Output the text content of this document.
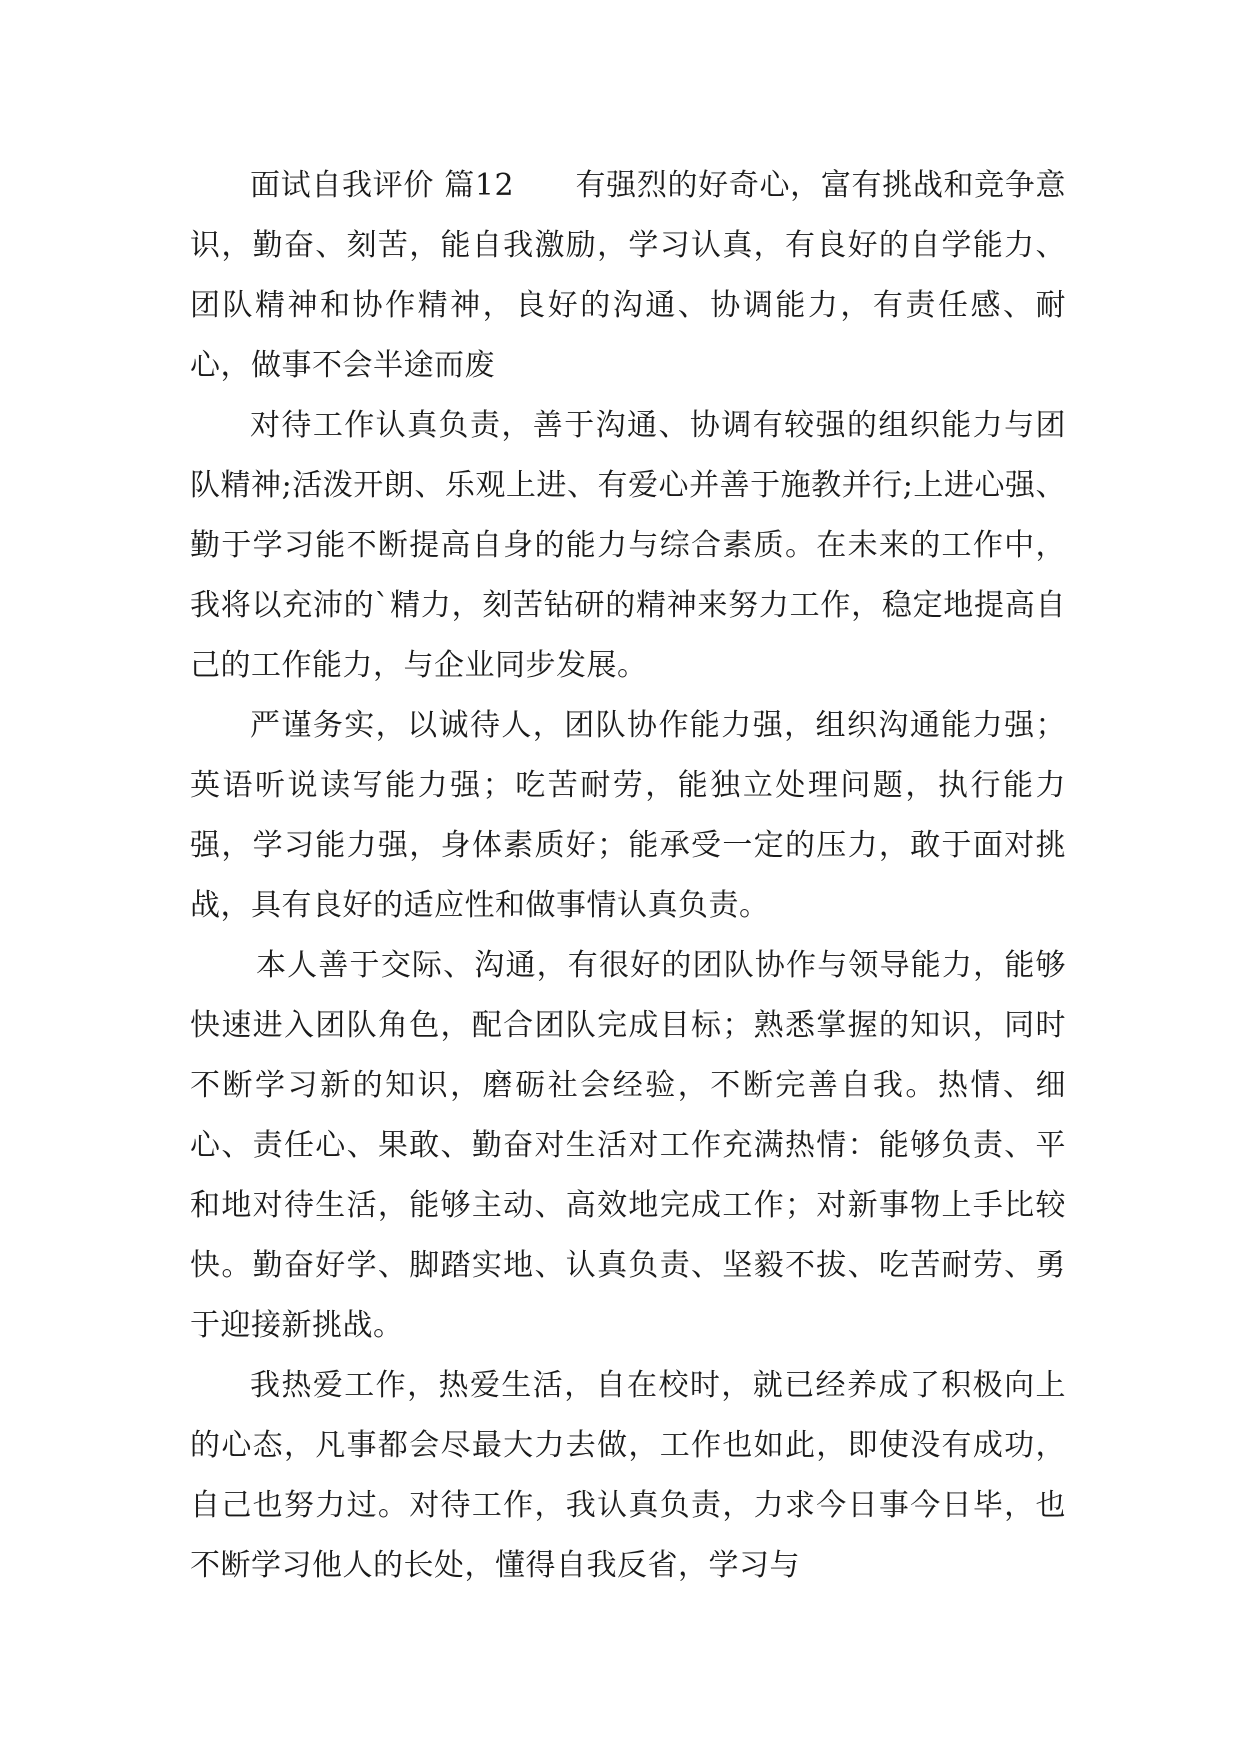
面试自我评价 篇12　　有强烈的好奇心，富有挑战和竞争意识，勤奋、刻苦，能自我激励，学习认真，有良好的自学能力、团队精神和协作精神，良好的沟通、协调能力，有责任感、耐心，做事不会半途而废

对待工作认真负责，善于沟通、协调有较强的组织能力与团队精神;活泼开朗、乐观上进、有爱心并善于施教并行;上进心强、勤于学习能不断提高自身的能力与综合素质。在未来的工作中，我将以充沛的`精力，刻苦钻研的精神来努力工作，稳定地提高自己的工作能力，与企业同步发展。

严谨务实，以诚待人，团队协作能力强，组织沟通能力强；英语听说读写能力强；吃苦耐劳，能独立处理问题，执行能力强，学习能力强，身体素质好；能承受一定的压力，敢于面对挑战，具有良好的适应性和做事情认真负责。

本人善于交际、沟通，有很好的团队协作与领导能力，能够快速进入团队角色，配合团队完成目标；熟悉掌握的知识，同时不断学习新的知识，磨砺社会经验，不断完善自我。热情、细心、责任心、果敢、勤奋对生活对工作充满热情：能够负责、平和地对待生活，能够主动、高效地完成工作；对新事物上手比较快。勤奋好学、脚踏实地、认真负责、坚毅不拔、吃苦耐劳、勇于迎接新挑战。

我热爱工作，热爱生活，自在校时，就已经养成了积极向上的心态，凡事都会尽最大力去做，工作也如此，即使没有成功，自己也努力过。对待工作，我认真负责，力求今日事今日毕，也不断学习他人的长处，懂得自我反省，学习与
